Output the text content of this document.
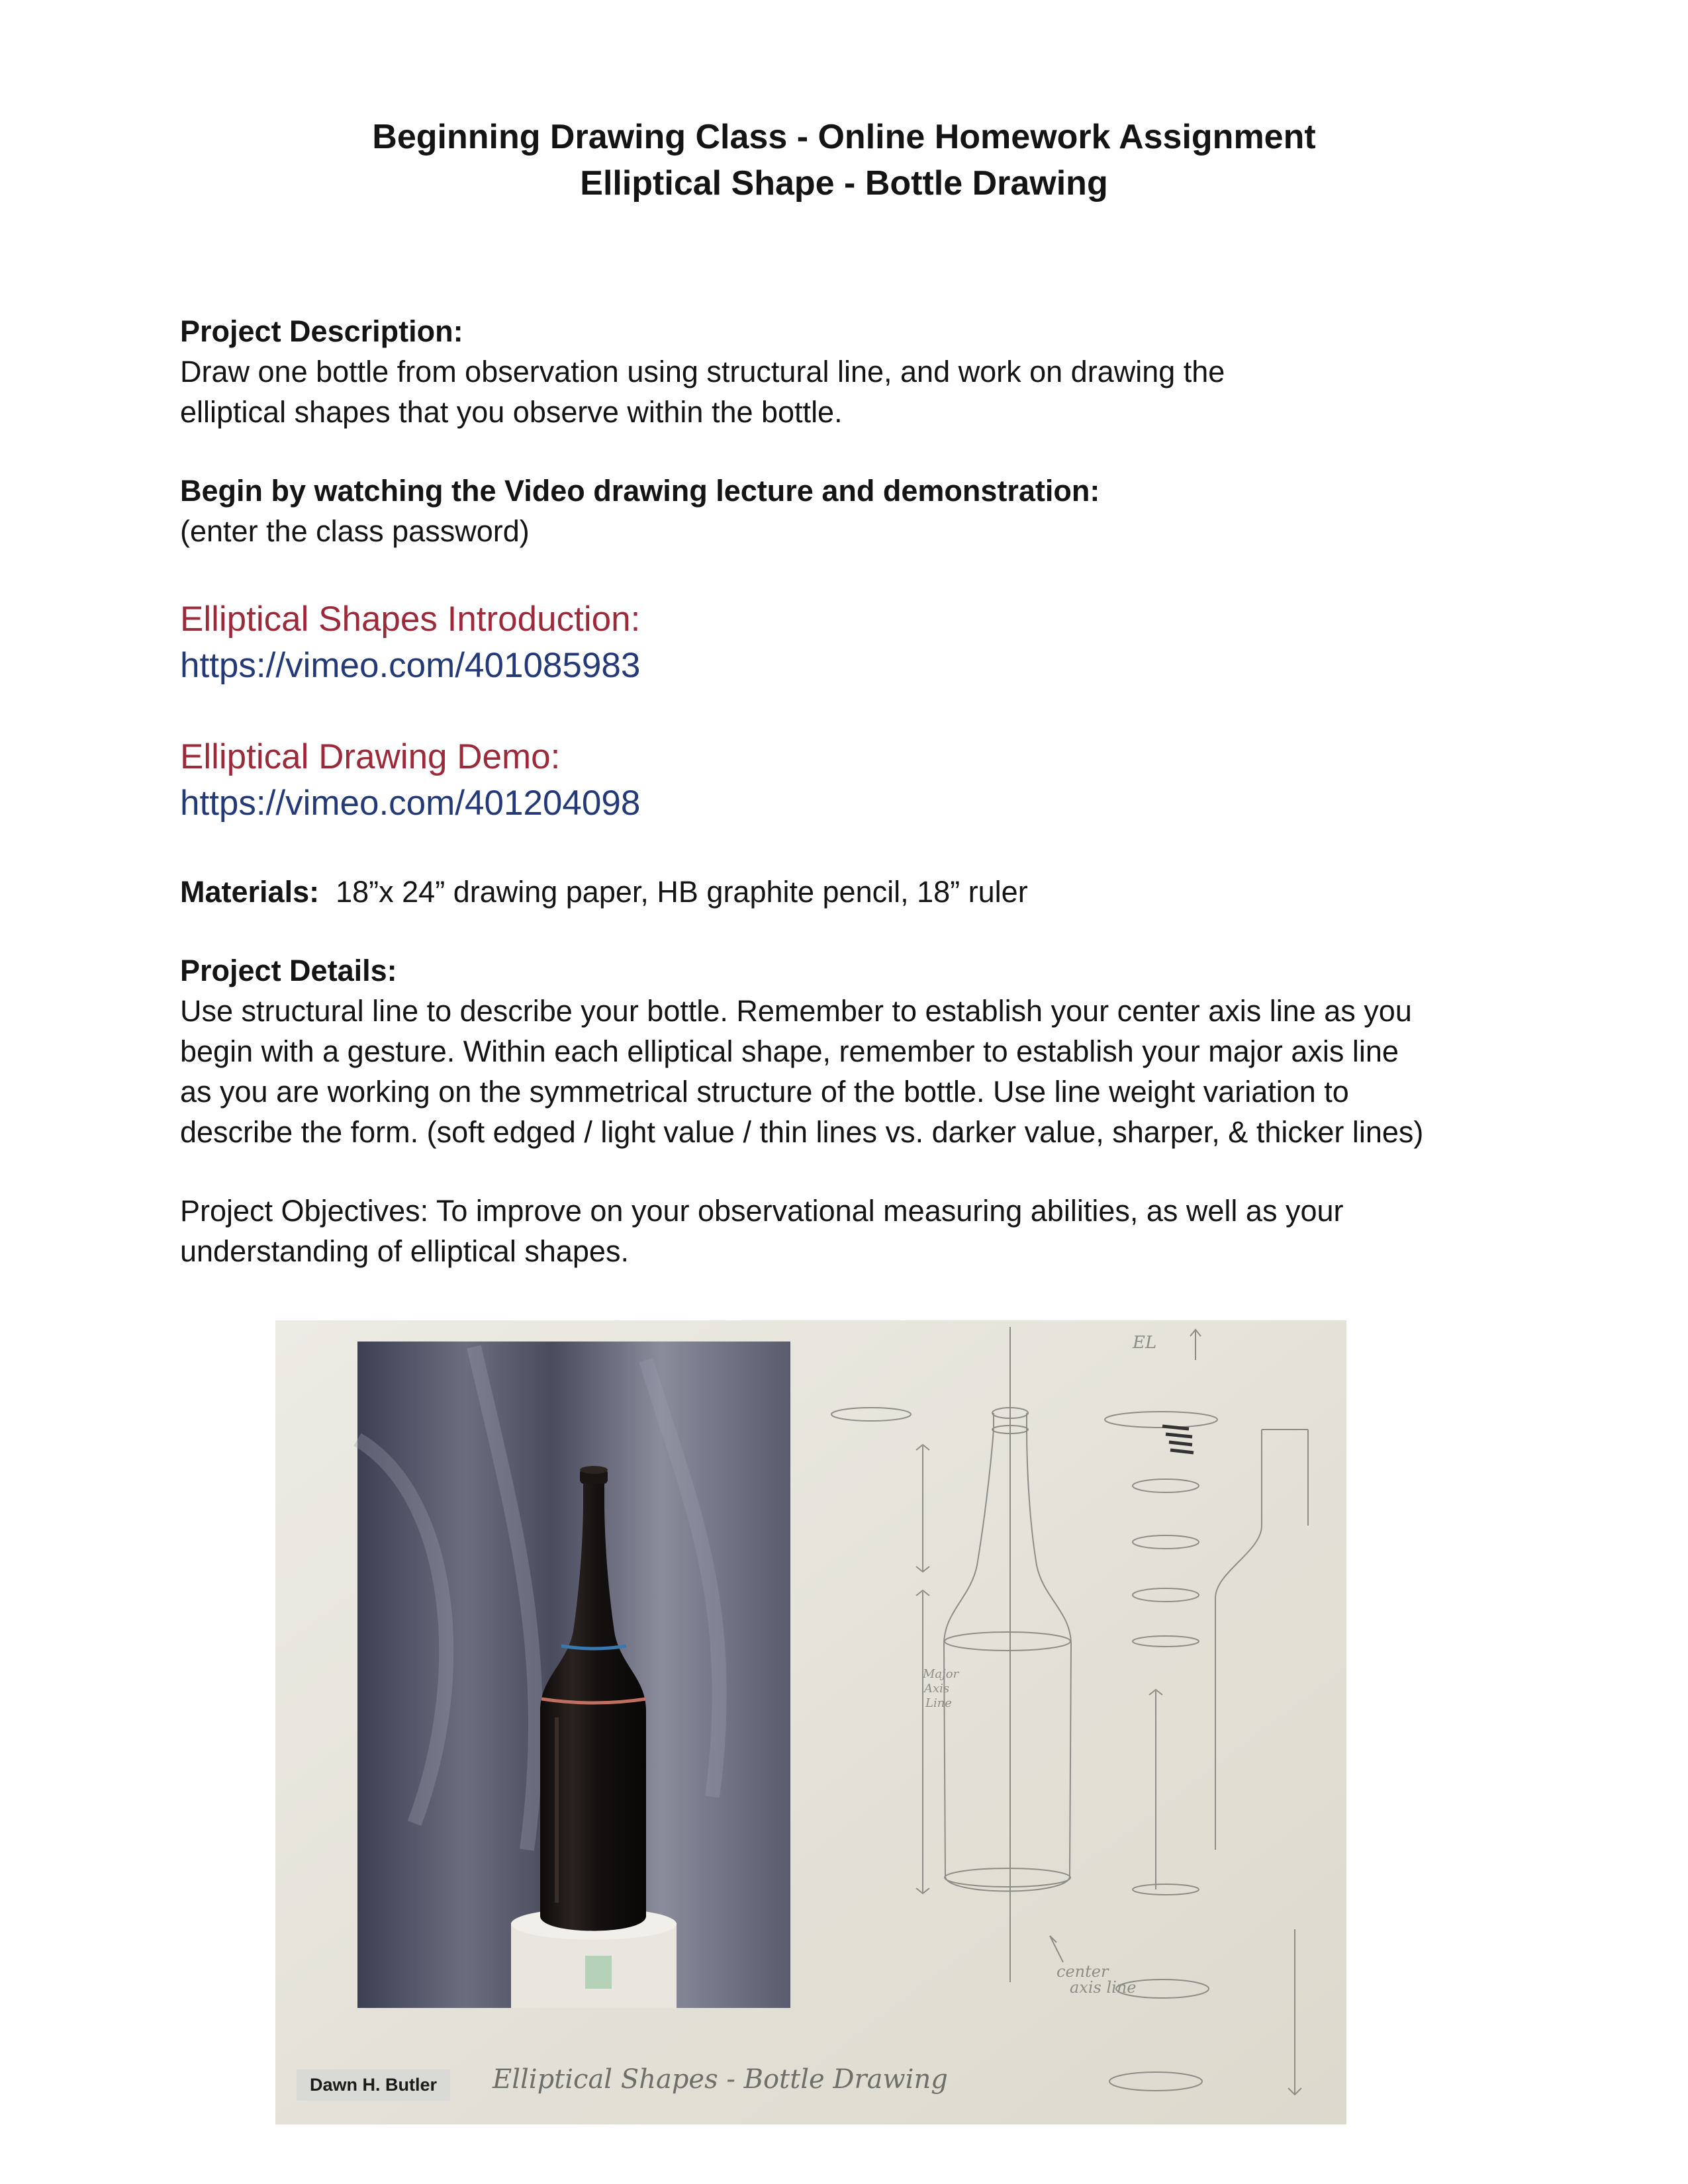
Beginning Drawing Class - Online Homework Assignment
Elliptical Shape - Bottle Drawing

Project Description:

Draw one bottle from observation using structural line, and work on drawing the

elliptical shapes that you observe within the bottle.

Begin by watching the Video drawing lecture and demonstration:

(enter the class password)

Elliptical Shapes Introduction:

https://vimeo.com/401085983

Elliptical Drawing Demo:

https://vimeo.com/401204098

Materials: 18”x 24” drawing paper, HB graphite pencil, 18” ruler

Project Details:

Use structural line to describe your bottle. Remember to establish your center axis line as you

begin with a gesture. Within each elliptical shape, remember to establish your major axis line

as you are working on the symmetrical structure of the bottle. Use line weight variation to

describe the form. (soft edged / light value / thin lines vs. darker value, sharper, & thicker lines)

Project Objectives: To improve on your observational measuring abilities, as well as your

understanding of elliptical shapes.

EL
Major
Axis
Line
center
axis line
Elliptical Shapes - Bottle Drawing
Dawn H. Butler
